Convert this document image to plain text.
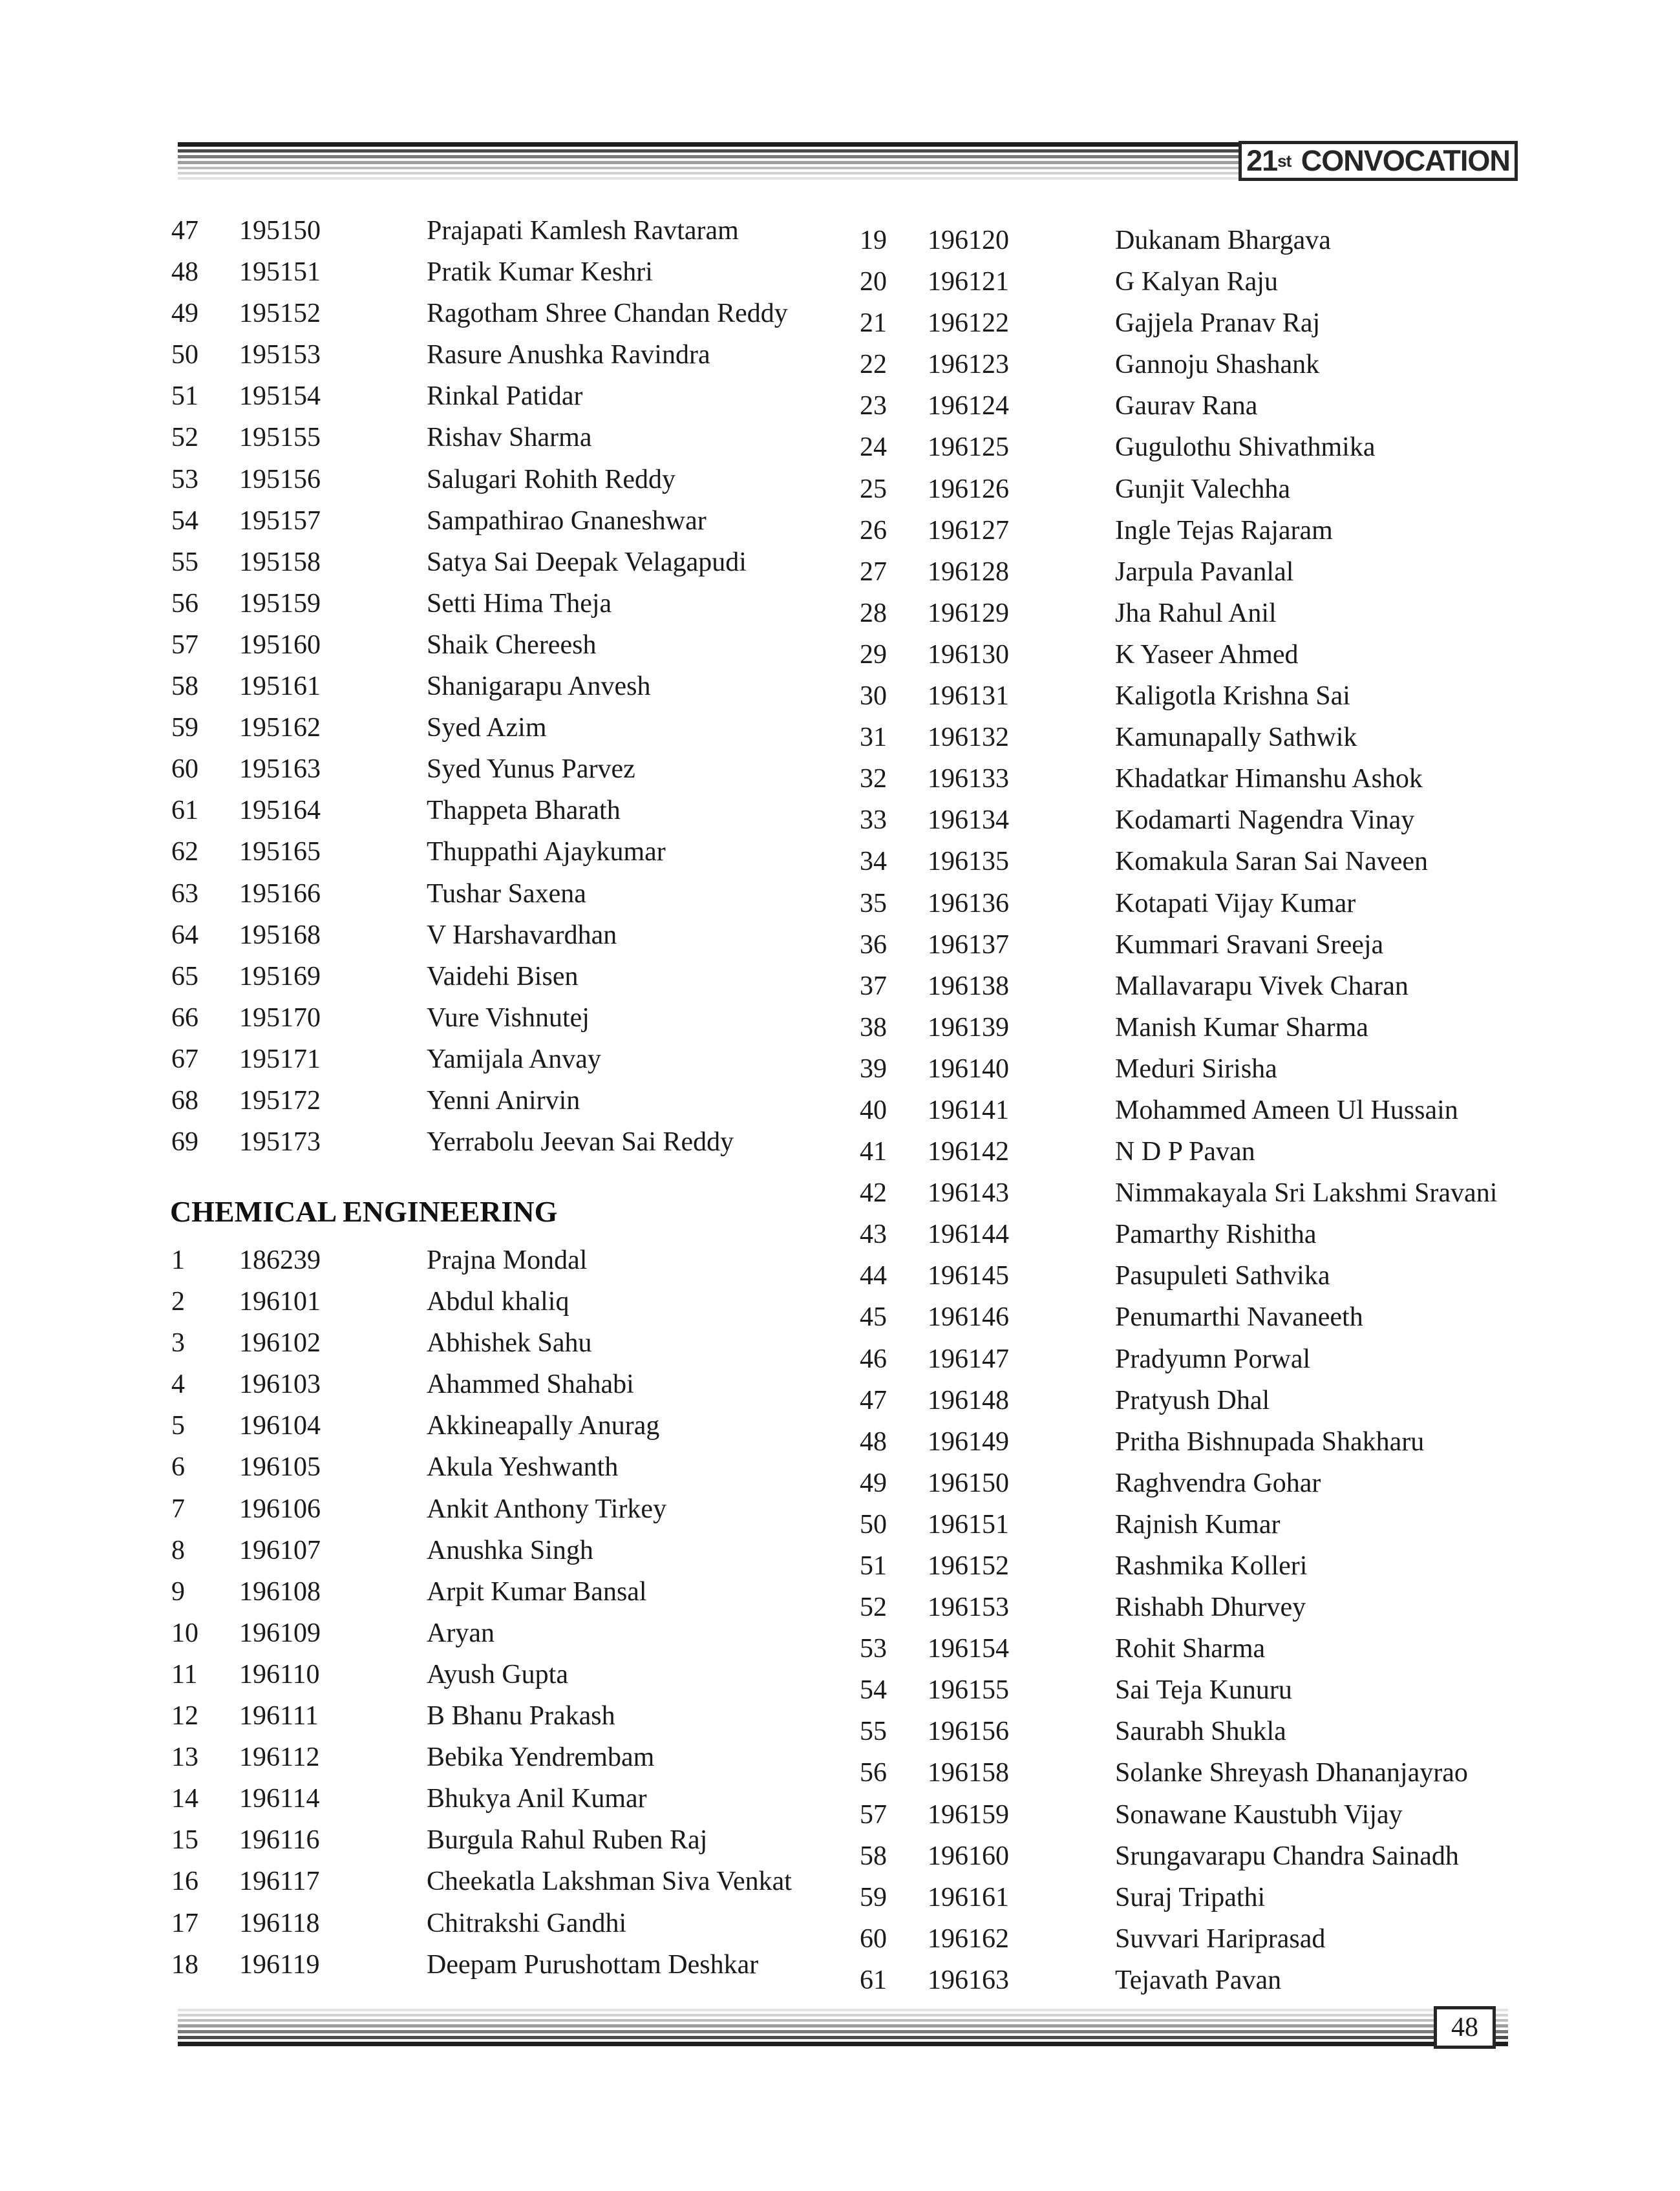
21 st
CONVOCATION
47 195150	Prajapati Kamlesh Ravtaram
48 195151	Pratik Kumar Keshri
49 195152	Ragotham Shree Chandan Reddy
50 195153	Rasure Anushka Ravindra
51 195154	Rinkal Patidar
52 195155	Rishav Sharma
53 195156	Salugari Rohith Reddy
54 195157	Sampathirao Gnaneshwar
55 195158	Satya Sai Deepak Velagapudi
56 195159	Setti Hima Theja
57 195160	Shaik Chereesh
58 195161	Shanigarapu Anvesh
59 195162	Syed Azim
60 195163	Syed Yunus Parvez
61 195164	Thappeta Bharath
62 195165	Thuppathi Ajaykumar
63 195166	Tushar Saxena
64 195168	V Harshavardhan
65 195169	Vaidehi Bisen
66 195170	Vure Vishnutej
67 195171	Yamijala Anvay
68 195172	Yenni Anirvin
69 195173	Yerrabolu Jeevan Sai Reddy
CHEMICAL ENGINEERING
1 186239	Prajna Mondal
2 196101	Abdul khaliq
3 196102	Abhishek Sahu
4 196103	Ahammed Shahabi
5 196104	Akkineapally Anurag
6 196105	Akula Yeshwanth
7 196106	Ankit Anthony Tirkey
8 196107	Anushka Singh
9 196108	Arpit Kumar Bansal
10 196109	Aryan
11 196110	Ayush Gupta
12 196111	B Bhanu Prakash
13 196112	Bebika Yendrembam
14 196114	Bhukya Anil Kumar
15 196116	Burgula Rahul Ruben Raj
16 196117	Cheekatla Lakshman Siva Venkat
17 196118	Chitrakshi Gandhi
18 196119	Deepam Purushottam Deshkar
19 196120	Dukanam Bhargava
20 196121	G Kalyan Raju
21 196122	Gajjela Pranav Raj
22 196123	Gannoju Shashank
23 196124	Gaurav Rana
24 196125	Gugulothu Shivathmika
25 196126	Gunjit Valechha
26 196127	Ingle Tejas Rajaram
27 196128	Jarpula Pavanlal
28 196129	Jha Rahul Anil
29 196130	K Yaseer Ahmed
30 196131	Kaligotla Krishna Sai
31 196132	Kamunapally Sathwik
32 196133	Khadatkar Himanshu Ashok
33 196134	Kodamarti Nagendra Vinay
34 196135	Komakula Saran Sai Naveen
35 196136	Kotapati Vijay Kumar
36 196137	Kummari Sravani Sreeja
37 196138	Mallavarapu Vivek Charan
38 196139	Manish Kumar Sharma
39 196140	Meduri Sirisha
40 196141	Mohammed Ameen Ul Hussain
41 196142	N D P Pavan
42 196143	Nimmakayala Sri Lakshmi Sravani
43 196144	Pamarthy Rishitha
44 196145	Pasupuleti Sathvika
45 196146	Penumarthi Navaneeth
46 196147	Pradyumn Porwal
47 196148	Pratyush Dhal
48 196149	Pritha Bishnupada Shakharu
49 196150	Raghvendra Gohar
50 196151	Rajnish Kumar
51 196152	Rashmika Kolleri
52 196153	Rishabh Dhurvey
53 196154	Rohit Sharma
54 196155	Sai Teja Kunuru
55 196156	Saurabh Shukla
56 196158	Solanke Shreyash Dhananjayrao
57 196159	Sonawane Kaustubh Vijay
58 196160	Srungavarapu Chandra Sainadh
59 196161	Suraj Tripathi
60 196162	Suvvari Hariprasad
61 196163	Tejavath Pavan
48
